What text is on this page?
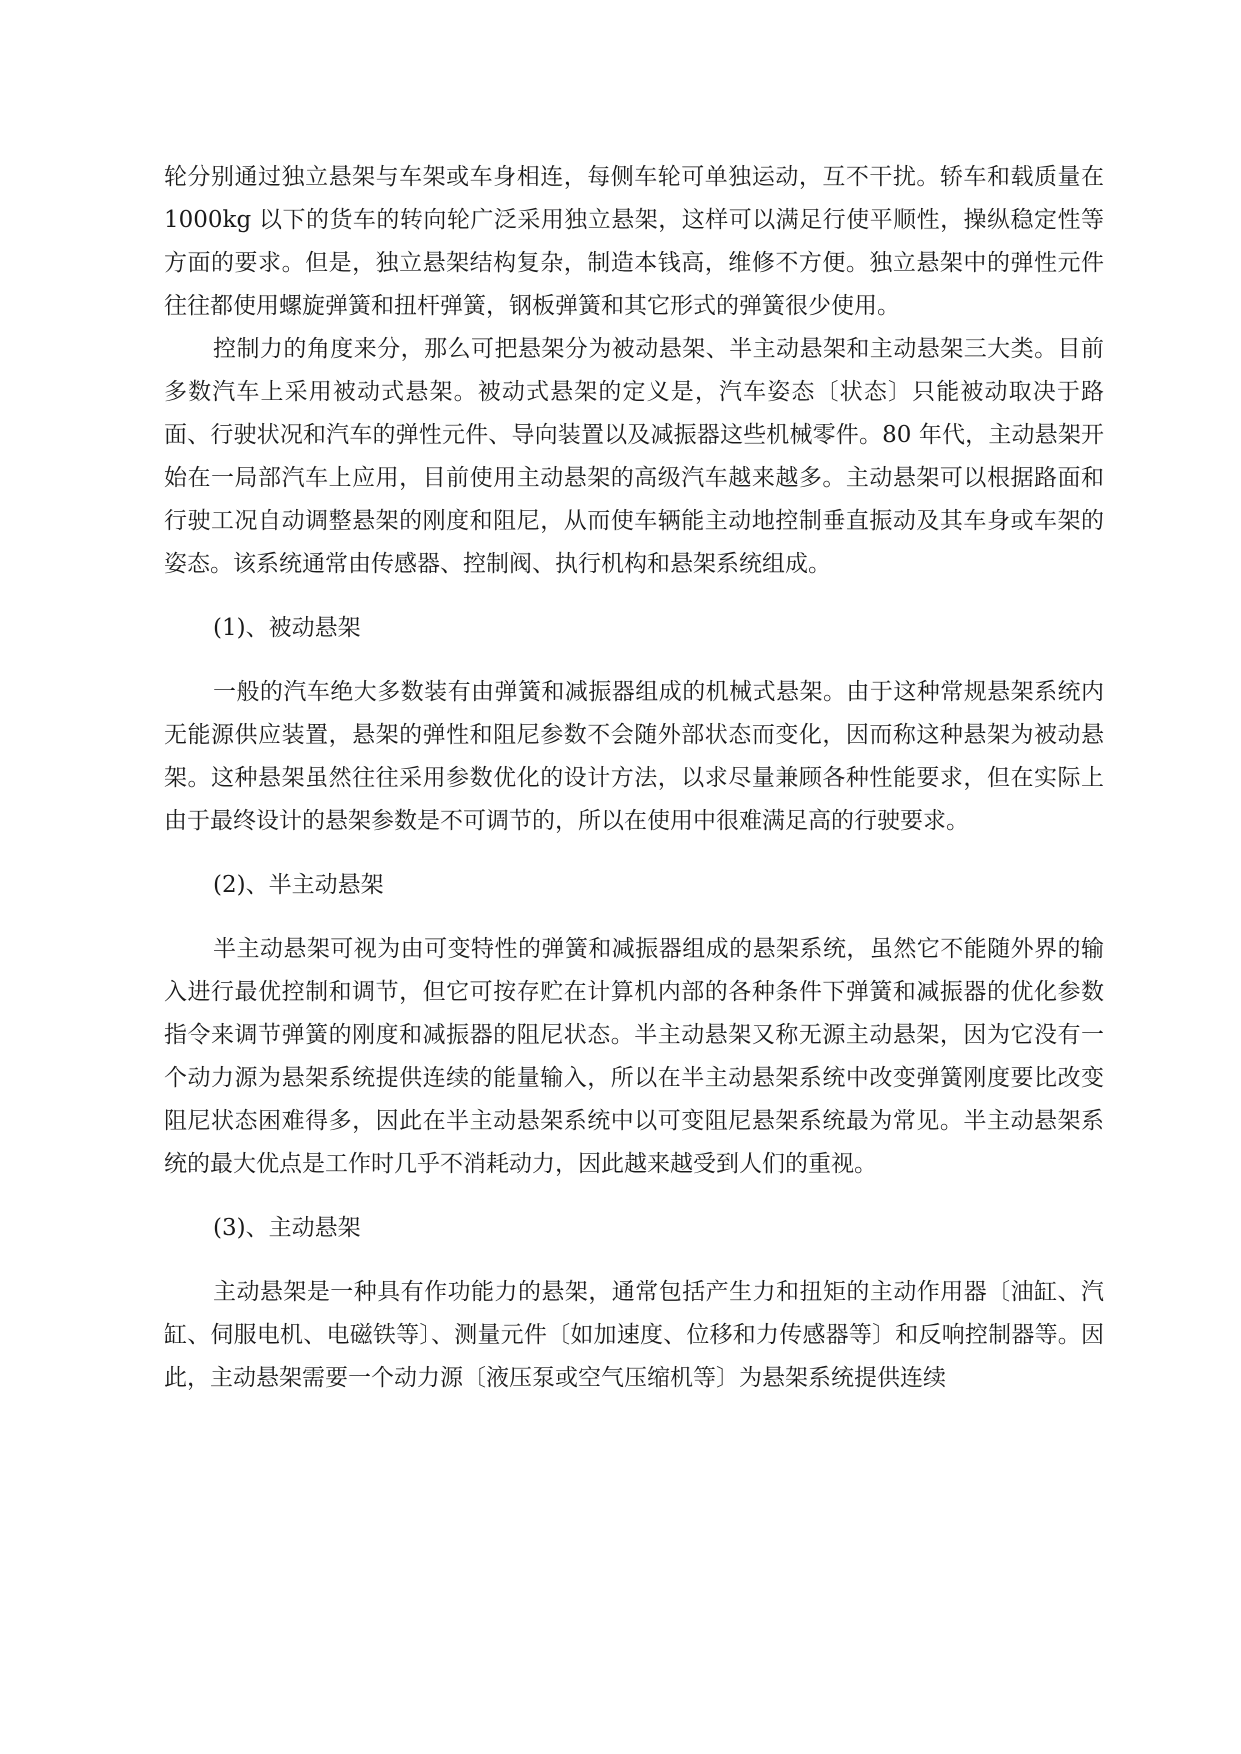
轮分别通过独立悬架与车架或车身相连，每侧车轮可单独运动，互不干扰。轿车和载质量在 1000kg 以下的货车的转向轮广泛采用独立悬架，这样可以满足行使平顺性，操纵稳定性等方面的要求。但是，独立悬架结构复杂，制造本钱高，维修不方便。独立悬架中的弹性元件往往都使用螺旋弹簧和扭杆弹簧，钢板弹簧和其它形式的弹簧很少使用。

控制力的角度来分，那么可把悬架分为被动悬架、半主动悬架和主动悬架三大类。目前多数汽车上采用被动式悬架。被动式悬架的定义是，汽车姿态〔状态〕只能被动取决于路面、行驶状况和汽车的弹性元件、导向装置以及减振器这些机械零件。80 年代，主动悬架开始在一局部汽车上应用，目前使用主动悬架的高级汽车越来越多。主动悬架可以根据路面和行驶工况自动调整悬架的刚度和阻尼，从而使车辆能主动地控制垂直振动及其车身或车架的姿态。该系统通常由传感器、控制阀、执行机构和悬架系统组成。

(1)、被动悬架

一般的汽车绝大多数装有由弹簧和减振器组成的机械式悬架。由于这种常规悬架系统内无能源供应装置，悬架的弹性和阻尼参数不会随外部状态而变化，因而称这种悬架为被动悬架。这种悬架虽然往往采用参数优化的设计方法，以求尽量兼顾各种性能要求，但在实际上由于最终设计的悬架参数是不可调节的，所以在使用中很难满足高的行驶要求。

(2)、半主动悬架

半主动悬架可视为由可变特性的弹簧和减振器组成的悬架系统，虽然它不能随外界的输入进行最优控制和调节，但它可按存贮在计算机内部的各种条件下弹簧和减振器的优化参数指令来调节弹簧的刚度和减振器的阻尼状态。半主动悬架又称无源主动悬架，因为它没有一个动力源为悬架系统提供连续的能量输入，所以在半主动悬架系统中改变弹簧刚度要比改变阻尼状态困难得多，因此在半主动悬架系统中以可变阻尼悬架系统最为常见。半主动悬架系统的最大优点是工作时几乎不消耗动力，因此越来越受到人们的重视。

(3)、主动悬架

主动悬架是一种具有作功能力的悬架，通常包括产生力和扭矩的主动作用器〔油缸、汽缸、伺服电机、电磁铁等〕、测量元件〔如加速度、位移和力传感器等〕和反响控制器等。因此，主动悬架需要一个动力源〔液压泵或空气压缩机等〕为悬架系统提供连续
